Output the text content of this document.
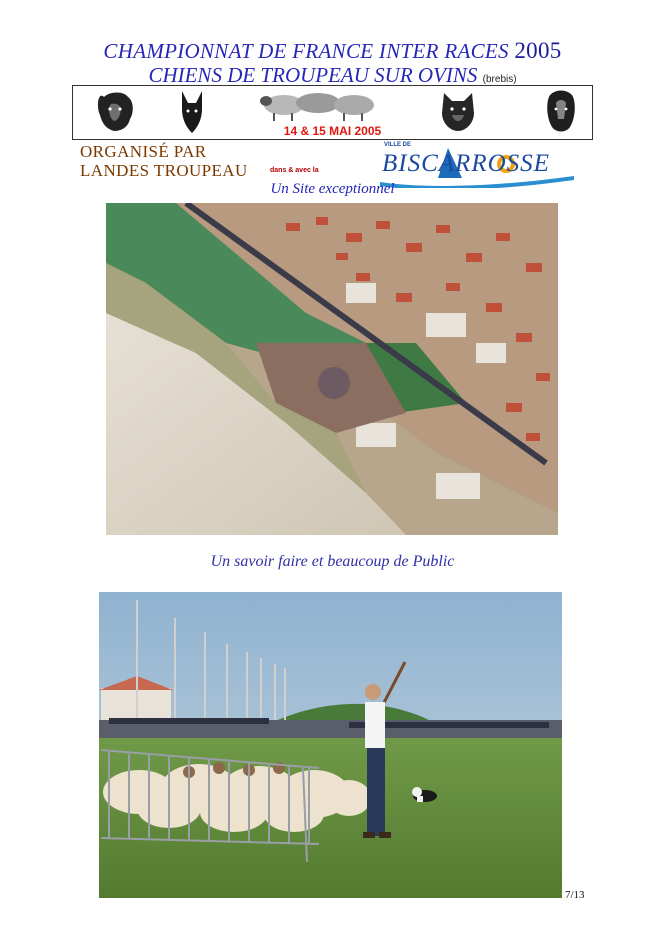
CHAMPIONNAT DE FRANCE INTER RACES 2005
CHIENS DE TROUPEAU SUR OVINS (brebis)
14 & 15 MAI 2005
ORGANISÉ PAR
LANDES TROUPEAU	dans & avec la
VILLE DE
BISCARROSSE
Un Site exceptionnel
Un savoir faire et beaucoup de Public
7/13
